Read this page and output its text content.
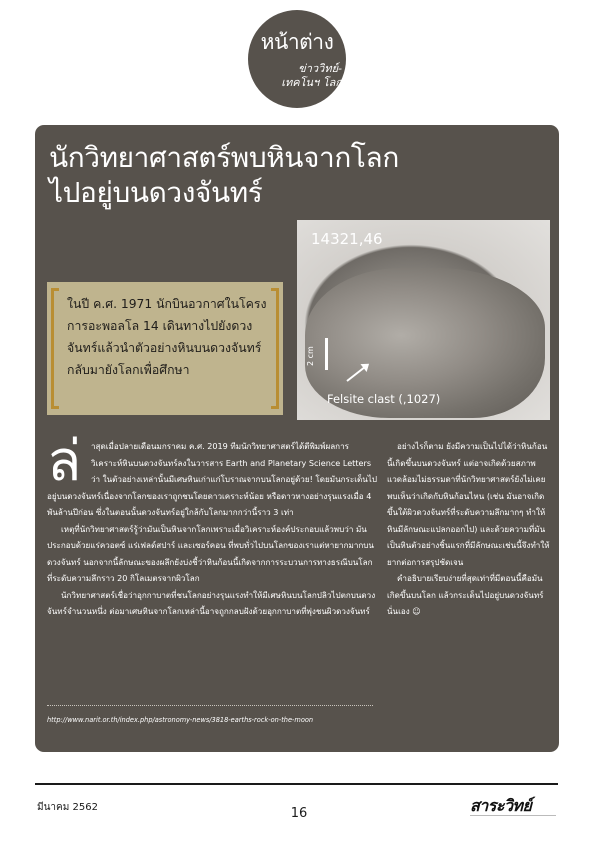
หน้าต่าง
ข่าววิทย์-เทคโนฯ โลก
นักวิทยาศาสตร์พบหินจากโลก
ไปอยู่บนดวงจันทร์
14321,46
2 cm
Felsite clast (,1027)
ในปี ค.ศ. 1971 นักบินอวกาศในโครงการอะพอลโล 14 เดินทางไปยังดวงจันทร์แล้วนำตัวอย่างหินบนดวงจันทร์กลับมายังโลกเพื่อศึกษา
ล่	าสุดเมื่อปลายเดือนมกราคม ค.ศ. 2019 ทีมนักวิทยาศาสตร์ได้ตีพิมพ์ผลการวิเคราะห์หินบนดวงจันทร์ลงในวารสาร Earth and Planetary Science Letters ว่า ในตัวอย่างเหล่านั้นมีเศษหินเก่าแก่โบราณจากบนโลกอยู่ด้วย! โดยมันกระเด็นไปอยู่บนดวงจันทร์เนื่องจากโลกของเราถูกชนโดยดาวเคราะห์น้อย หรือดาวหางอย่างรุนแรงเมื่อ 4 พันล้านปีก่อน ซึ่งในตอนนั้นดวงจันทร์อยู่ใกล้กับโลกมากกว่านี้ราว 3 เท่า

เหตุที่นักวิทยาศาสตร์รู้ว่ามันเป็นหินจากโลกเพราะเมื่อวิเคราะห์องค์ประกอบแล้วพบว่า มันประกอบด้วยแร่ควอตซ์ แร่เฟลด์สปาร์ และเซอร์คอน ที่พบทั่วไปบนโลกของเราแต่หายากมากบนดวงจันทร์ นอกจากนี้ลักษณะของผลึกยังบ่งชี้ว่าหินก้อนนี้เกิดจากการระบวนการทางธรณีบนโลกที่ระดับความลึกราว 20 กิโลเมตรจากผิวโลก

นักวิทยาศาสตร์เชื่อว่าอุกกาบาตที่ชนโลกอย่างรุนแรงทำให้มีเศษหินบนโลกปลิวไปตกบนดวงจันทร์จำนวนหนึ่ง ต่อมาเศษหินจากโลกเหล่านี้อาจถูกกลบฝังด้วยอุกกาบาตที่พุ่งชนผิวดวงจันทร์

อย่างไรก็ตาม ยังมีความเป็นไปได้ว่าหินก้อนนี้เกิดขึ้นบนดวงจันทร์ แต่อาจเกิดด้วยสภาพแวดล้อมไม่ธรรมดาที่นักวิทยาศาสตร์ยังไม่เคยพบเห็นว่าเกิดกับหินก้อนไหน (เช่น มันอาจเกิดขึ้นใต้ผิวดวงจันทร์ที่ระดับความลึกมากๆ ทำให้หินมีลักษณะแปลกออกไป) และด้วยความที่มันเป็นหินตัวอย่างชิ้นแรกที่มีลักษณะเช่นนี้จึงทำให้ยากต่อการสรุปชัดเจน

คำอธิบายเรียบง่ายที่สุดเท่าที่มีตอนนี้คือมันเกิดขึ้นบนโลก แล้วกระเด็นไปอยู่บนดวงจันทร์นั่นเอง ☺

http://www.narit.or.th/index.php/astronomy-news/3818-earths-rock-on-the-moon
มีนาคม 2562	16	สาระวิทย์
